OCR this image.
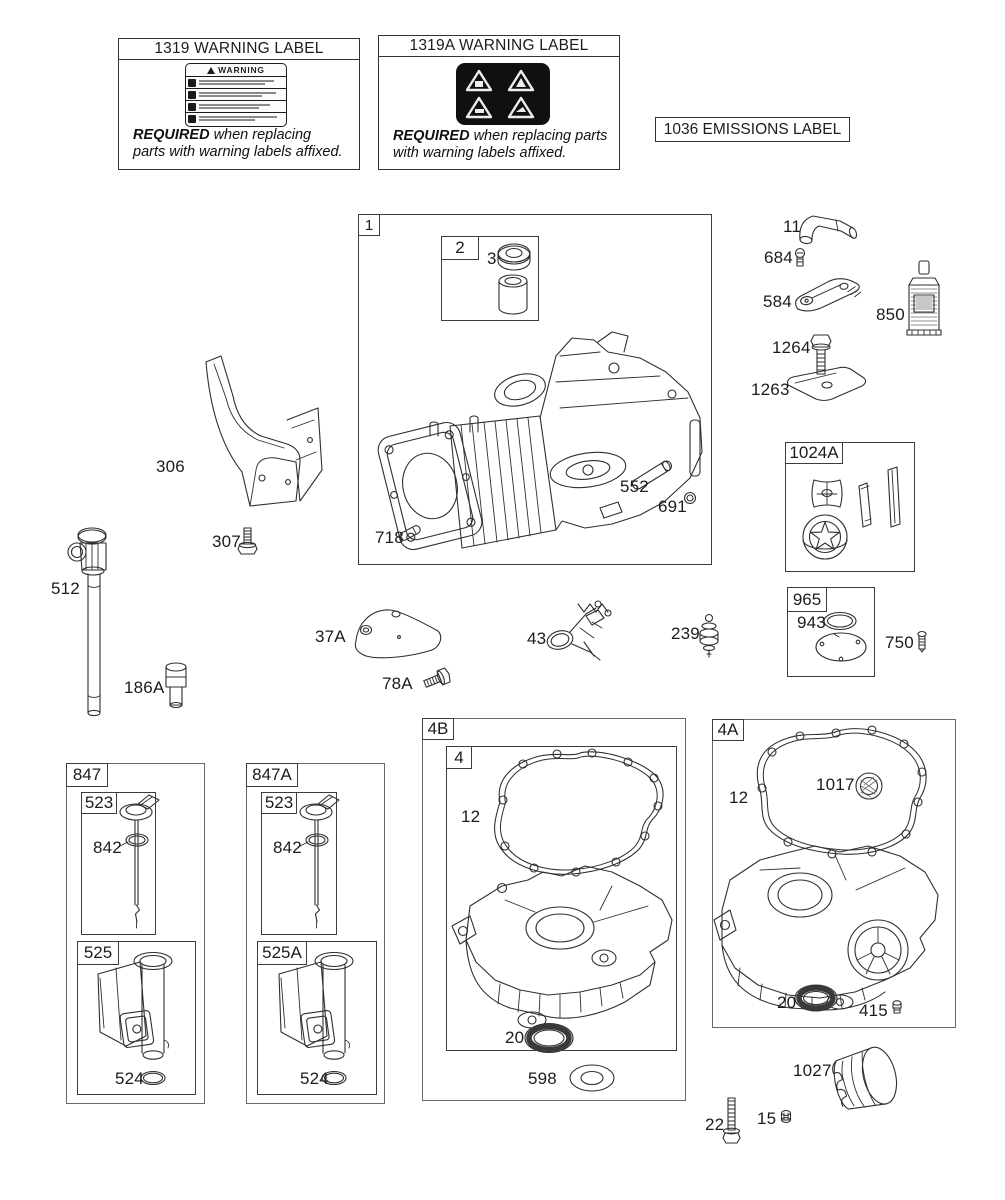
1319 WARNING LABEL
WARNING
REQUIRED when replacing parts with warning labels affixed.
1319A WARNING LABEL
REQUIRED when replacing parts with warning labels affixed.
1036 EMISSIONS LABEL
1
2
1024A
965
847
523
525
847A
523
525A
4B
4
4A
3
552
691
718
11
684
584
850
1264
1263
306
307
512
186A
37A
78A
43	239
943
750
842	842
524	524
12
20
598
12
1017
20	415
1027
22 15
